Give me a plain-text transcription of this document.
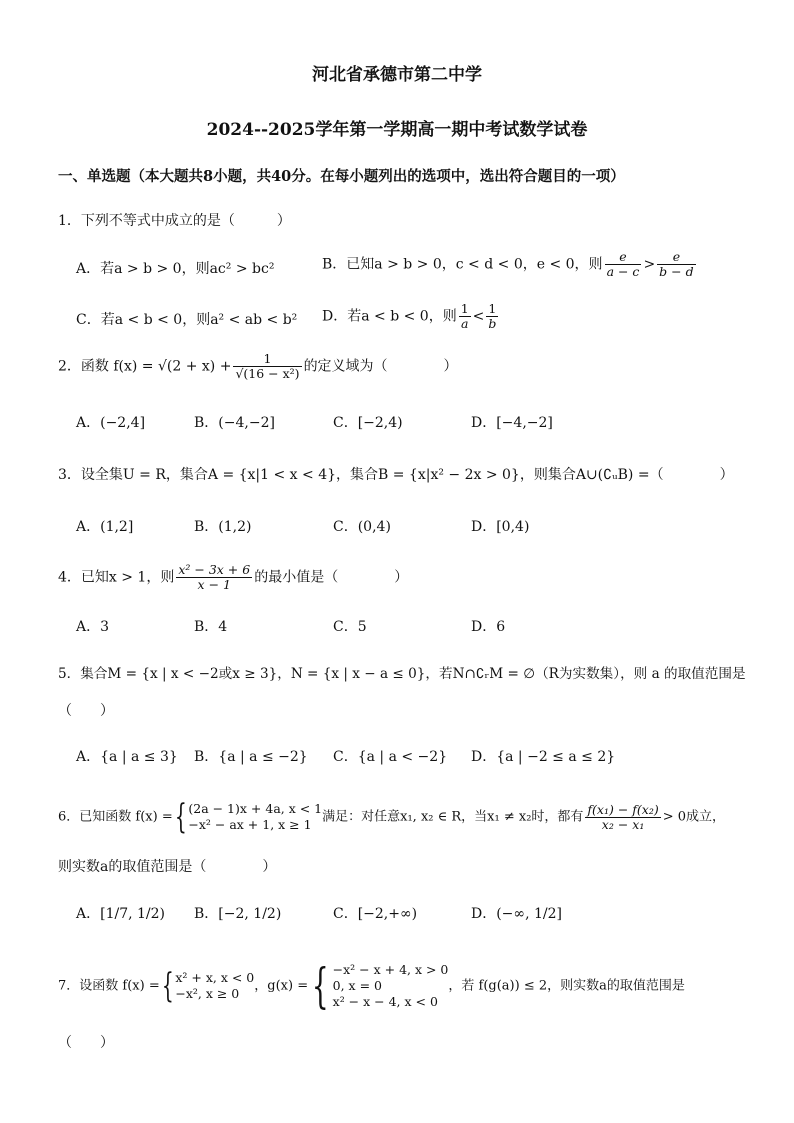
河北省承德市第二中学
2024--2025学年第一学期高一期中考试数学试卷
一、单选题（本大题共8小题，共40分。在每小题列出的选项中，选出符合题目的一项）
1．下列不等式中成立的是（　　　）
A．若a > b > 0，则ac² > bc²	B．已知a > b > 0，c < d < 0，e < 0，则 $\frac{e}{a - c} > \frac{e}{b - d}$
C．若a < b < 0，则a² < ab < b² D．若a < b < 0，则 $\frac{1}{a} < \frac{1}{b}$
2．函数 $f(x) = √(2 + x) + \frac{1}{\text{√(16 − x²)}}$ 的定义域为（　　　　）
A．(−2,4]	B．(−4,−2]	C．[−2,4)	D．[−4,−2]
3．设全集U = R，集合A = {x|1 < x < 4}，集合B = {x|x² − 2x > 0}，则集合A∪(∁ᵤB) =（　　　　）
A．(1,2]	B．(1,2)	C．(0,4)	D．[0,4)
4．已知x > 1，则 $\frac{\text{x² − 3x + 6}}{x - 1}$ 的最小值是（　　　　）
A．3	B．4	C．5	D．6
5．集合M = {x | x < −2或x ≥ 3}，N = {x | x − a ≤ 0}，若N∩∁ᵣM = ∅（R为实数集），则 a 的取值范围是
（　　）
A．{a | a ≤ 3} B．{a | a ≤ −2} C．{a | a < −2} D．{a | −2 ≤ a ≤ 2}
6．已知函数 f(x) ={ (2a − 1)x + 4a, x < 1
−x² − ax + 1, x ≥ 1 满足：对任意x₁, x₂ ∈ R，当x₁ ≠ x₂时，都有 $\frac{\text{f(x₁) − f(x₂)}}{\text{x₂ − x₁}} > 0$成立，
则实数a的取值范围是（　　　　）
A．[1/7, 1/2) B．[−2, 1/2)	C．[−2,+∞)	D．(−∞, 1/2]
7．设函数 f(x) ={ x² + x, x < 0
−x², x ≥ 0	，g(x) ={ −x² − x + 4, x > 0
0, x = 0
x² − x − 4, x < 0
，若 f(g(a)) ≤ 2，则实数a的取值范围是
（　　）
